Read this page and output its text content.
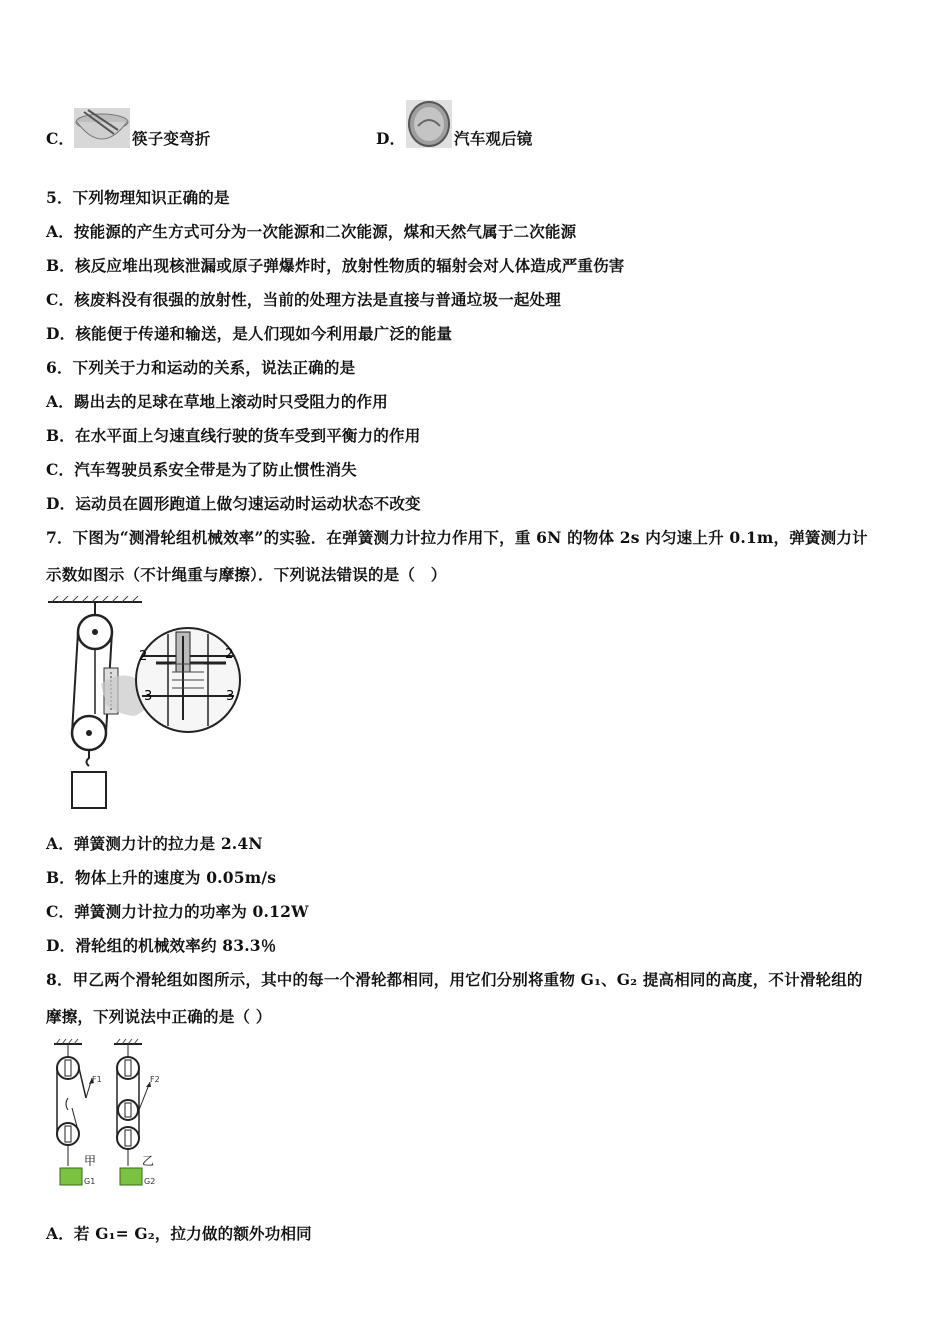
C．	筷子变弯折	D．	汽车观后镜
5．下列物理知识正确的是
A．按能源的产生方式可分为一次能源和二次能源，煤和天然气属于二次能源
B．核反应堆出现核泄漏或原子弹爆炸时，放射性物质的辐射会对人体造成严重伤害
C．核废料没有很强的放射性，当前的处理方法是直接与普通垃圾一起处理
D．核能便于传递和输送，是人们现如今利用最广泛的能量
6．下列关于力和运动的关系，说法正确的是
A．踢出去的足球在草地上滚动时只受阻力的作用
B．在水平面上匀速直线行驶的货车受到平衡力的作用
C．汽车驾驶员系安全带是为了防止惯性消失
D．运动员在圆形跑道上做匀速运动时运动状态不改变
7．下图为“测滑轮组机械效率”的实验．在弹簧测力计拉力作用下，重 6N 的物体 2s 内匀速上升 0.1m，弹簧测力计
示数如图示（不计绳重与摩擦）．下列说法错误的是（　）
2	2
3	3
A．弹簧测力计的拉力是 2.4N
B．物体上升的速度为 0.05m/s
C．弹簧测力计拉力的功率为 0.12W
D．滑轮组的机械效率约 83.3％
8．甲乙两个滑轮组如图所示，其中的每一个滑轮都相同，用它们分别将重物 G₁、G₂ 提高相同的高度，不计滑轮组的
摩擦，下列说法中正确的是（ ）
F1	F2
甲	乙
G1	G2
A．若 G₁= G₂，拉力做的额外功相同
